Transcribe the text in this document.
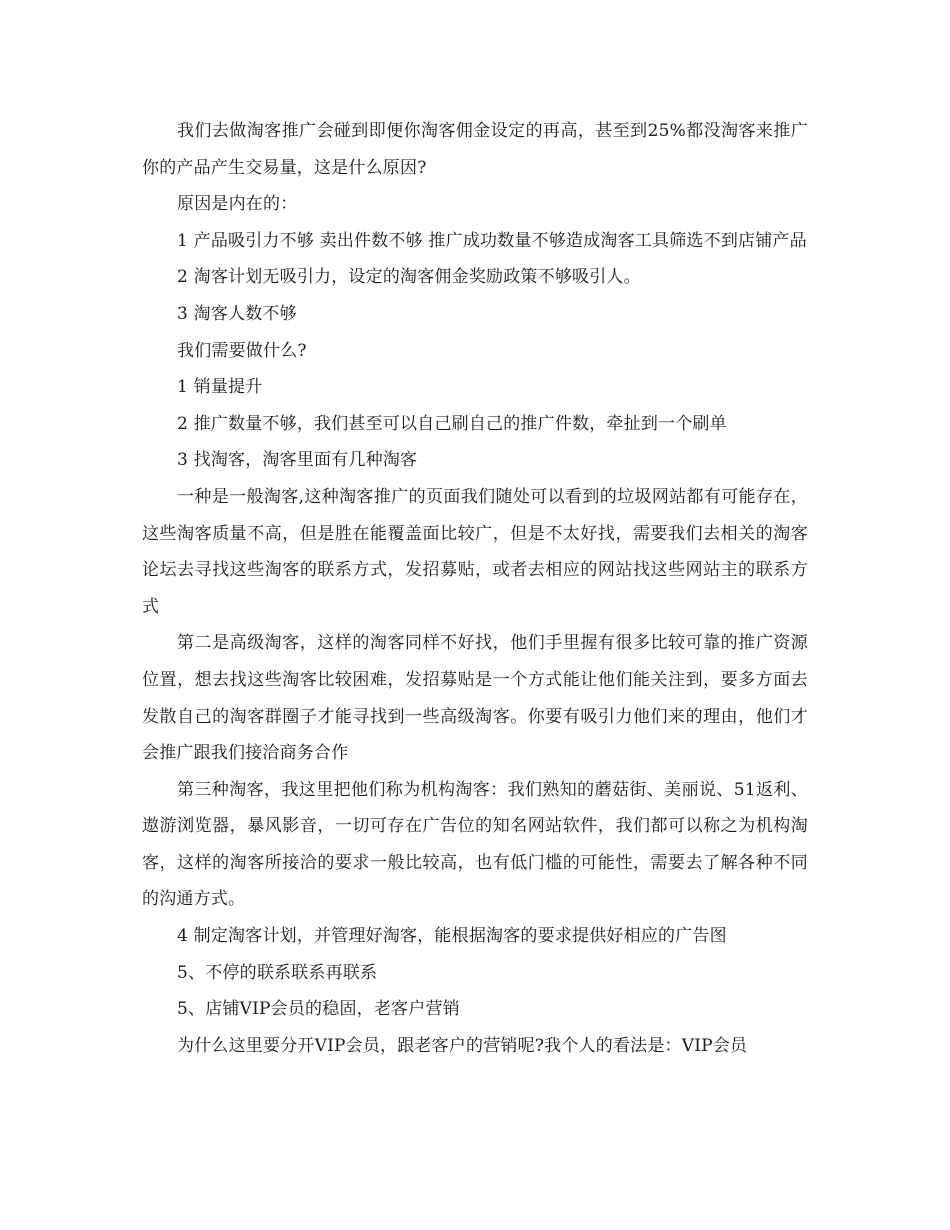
我们去做淘客推广会碰到即便你淘客佣金设定的再高，甚至到25%都没淘客来推广你的产品产生交易量，这是什么原因?

原因是内在的：

1 产品吸引力不够 卖出件数不够 推广成功数量不够造成淘客工具筛选不到店铺产品

2 淘客计划无吸引力，设定的淘客佣金奖励政策不够吸引人。

3 淘客人数不够

我们需要做什么?

1 销量提升

2 推广数量不够，我们甚至可以自己刷自己的推广件数，牵扯到一个刷单

3 找淘客，淘客里面有几种淘客

一种是一般淘客,这种淘客推广的页面我们随处可以看到的垃圾网站都有可能存在，这些淘客质量不高，但是胜在能覆盖面比较广，但是不太好找，需要我们去相关的淘客论坛去寻找这些淘客的联系方式，发招募贴，或者去相应的网站找这些网站主的联系方式

第二是高级淘客，这样的淘客同样不好找，他们手里握有很多比较可靠的推广资源位置，想去找这些淘客比较困难，发招募贴是一个方式能让他们能关注到，要多方面去发散自己的淘客群圈子才能寻找到一些高级淘客。你要有吸引力他们来的理由，他们才会推广跟我们接洽商务合作

第三种淘客，我这里把他们称为机构淘客：我们熟知的蘑菇街、美丽说、51返利、遨游浏览器，暴风影音，一切可存在广告位的知名网站软件，我们都可以称之为机构淘客，这样的淘客所接洽的要求一般比较高，也有低门槛的可能性，需要去了解各种不同的沟通方式。

4 制定淘客计划，并管理好淘客，能根据淘客的要求提供好相应的广告图

5、不停的联系联系再联系

5、店铺VIP会员的稳固，老客户营销

为什么这里要分开VIP会员，跟老客户的营销呢?我个人的看法是：VIP会员
